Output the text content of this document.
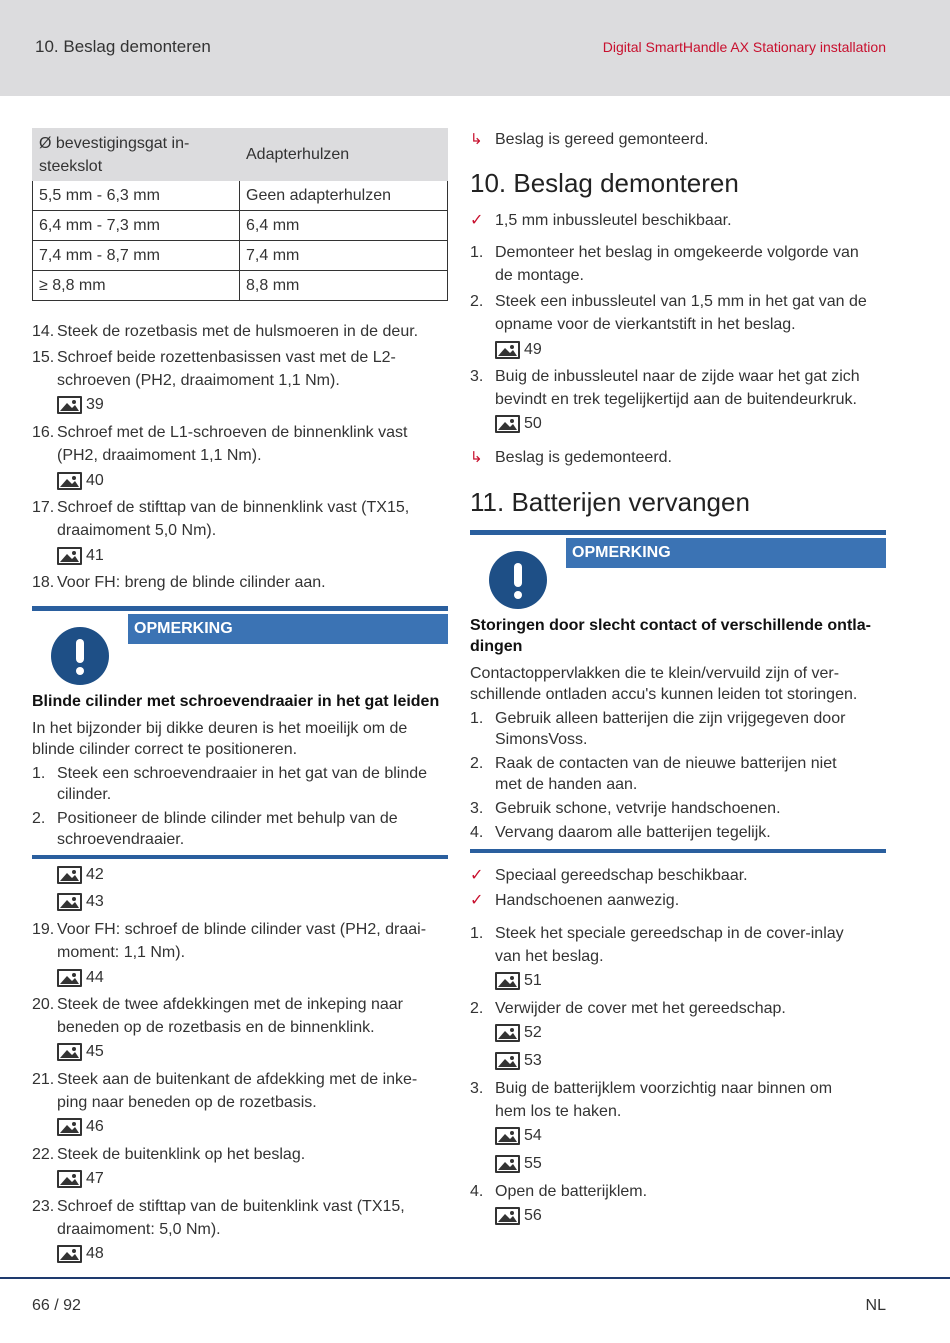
10. Beslag demonteren	Digital SmartHandle AX Stationary installation
Ø bevestigingsgat in-
steekslot	Adapterhulzen
5,5 mm - 6,3 mm	Geen adapterhulzen
6,4 mm - 7,3 mm	6,4 mm
7,4 mm - 8,7 mm	7,4 mm
≥ 8,8 mm	8,8 mm
14. Steek de rozetbasis met de hulsmoeren in de deur.
15. Schroef beide rozettenbasissen vast met de L2-
schroeven (PH2, draaimoment 1,1 Nm).
39
16. Schroef met de L1-schroeven de binnenklink vast
(PH2, draaimoment 1,1 Nm).
40
17. Schroef de stifttap van de binnenklink vast (TX15,
draaimoment 5,0 Nm).
41
18. Voor FH: breng de blinde cilinder aan.
OPMERKING
Blinde cilinder met schroevendraaier in het gat leiden
In het bijzonder bij dikke deuren is het moeilijk om de
blinde cilinder correct te positioneren.
1. Steek een schroevendraaier in het gat van de blinde
cilinder.
2. Positioneer de blinde cilinder met behulp van de
schroevendraaier.
42
43
19. Voor FH: schroef de blinde cilinder vast (PH2, draai-
moment: 1,1 Nm).
44
20. Steek de twee afdekkingen met de inkeping naar
beneden op de rozetbasis en de binnenklink.
45
21. Steek aan de buitenkant de afdekking met de inke-
ping naar beneden op de rozetbasis.
46
22. Steek de buitenklink op het beslag.
47
23. Schroef de stifttap van de buitenklink vast (TX15,
draaimoment: 5,0 Nm).
48
↳ Beslag is gereed gemonteerd.
10. Beslag demonteren
✓ 1,5 mm inbussleutel beschikbaar.
1. Demonteer het beslag in omgekeerde volgorde van
de montage.
2. Steek een inbussleutel van 1,5 mm in het gat van de
opname voor de vierkantstift in het beslag.
49
3. Buig de inbussleutel naar de zijde waar het gat zich
bevindt en trek tegelijkertijd aan de buitendeurkruk.
50
↳ Beslag is gedemonteerd.
11. Batterijen vervangen
OPMERKING
Storingen door slecht contact of verschillende ontla-
dingen
Contactoppervlakken die te klein/vervuild zijn of ver-
schillende ontladen accu's kunnen leiden tot storingen.
1. Gebruik alleen batterijen die zijn vrijgegeven door
SimonsVoss.
2. Raak de contacten van de nieuwe batterijen niet
met de handen aan.
3. Gebruik schone, vetvrije handschoenen.
4. Vervang daarom alle batterijen tegelijk.
✓ Speciaal gereedschap beschikbaar.
✓ Handschoenen aanwezig.
1. Steek het speciale gereedschap in de cover-inlay
van het beslag.
51
2. Verwijder de cover met het gereedschap.
52
53
3. Buig de batterijklem voorzichtig naar binnen om
hem los te haken.
54
55
4. Open de batterijklem.
56
66 / 92	NL
